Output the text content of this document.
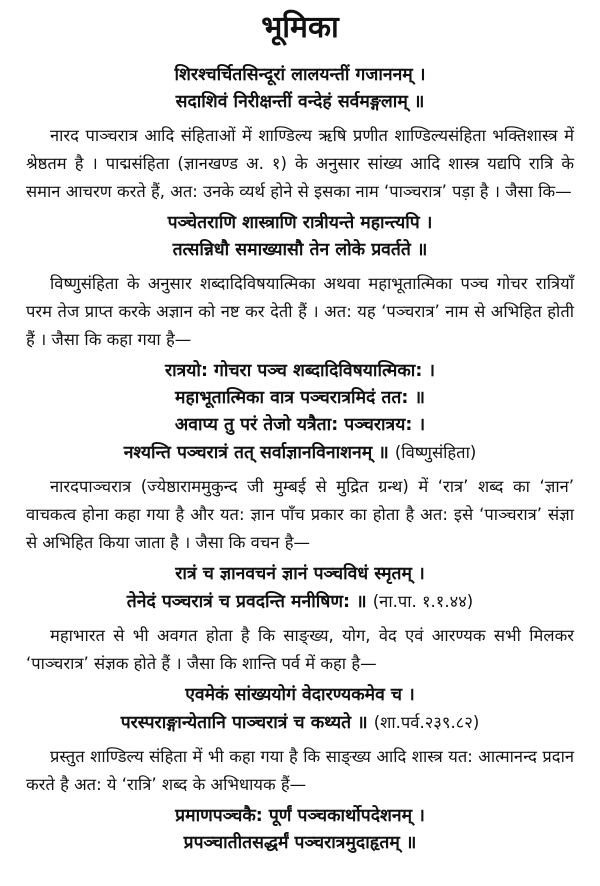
भूमिका
शिरश्चर्चितसिन्दूरां लालयन्तीं गजाननम् ।
सदाशिवं निरीक्षन्तीं वन्देहं सर्वमङ्गलाम् ॥

नारद पाञ्चरात्र आदि संहिताओं में शाण्डिल्य ऋषि प्रणीत शाण्डिल्यसंहिता भक्तिशास्त्र में श्रेष्ठतम है । पाद्मसंहिता (ज्ञानखण्ड अ. १) के अनुसार सांख्य आदि शास्त्र यद्यपि रात्रि के समान आचरण करते हैं, अत: उनके व्यर्थ होने से इसका नाम ‘पाञ्चरात्र’ पड़ा है । जैसा कि—

पञ्चेतराणि शास्त्राणि रात्रीयन्ते महान्त्यपि ।
तत्सन्निधौ समाख्यासौ तेन लोके प्रवर्तते ॥

विष्णुसंहिता के अनुसार शब्दादिविषयात्मिका अथवा महाभूतात्मिका पञ्च गोचर रात्रियाँ परम तेज प्राप्त करके अज्ञान को नष्ट कर देती हैं । अत: यह ‘पञ्चरात्र’ नाम से अभिहित होती हैं । जैसा कि कहा गया है—

रात्रयो: गोचरा पञ्च शब्दादिविषयात्मिका: ।
महाभूतात्मिका वात्र पञ्चरात्रमिदं तत: ॥
अवाप्य तु परं तेजो यत्रैता: पञ्चरात्रय: ।
नश्यन्ति पञ्चरात्रं तत् सर्वाज्ञानविनाशनम् ॥ (विष्णुसंहिता)

नारदपाञ्चरात्र (ज्येष्ठाराममुकुन्द जी मुम्बई से मुद्रित ग्रन्थ) में ‘रात्र’ शब्द का ‘ज्ञान’ वाचकत्व होना कहा गया है और यत: ज्ञान पाँच प्रकार का होता है अत: इसे ‘पाञ्चरात्र’ संज्ञा से अभिहित किया जाता है । जैसा कि वचन है—

रात्रं च ज्ञानवचनं ज्ञानं पञ्चविधं स्मृतम् ।
तेनेदं पञ्चरात्रं च प्रवदन्ति मनीषिण: ॥ (ना.पा. १.१.४४)

महाभारत से भी अवगत होता है कि साङ्ख्य, योग, वेद एवं आरण्यक सभी मिलकर ‘पाञ्चरात्र’ संज्ञक होते हैं । जैसा कि शान्ति पर्व में कहा है—

एवमेकं सांख्ययोगं वेदारण्यकमेव च ।
परस्पराङ्गान्येतानि पाञ्चरात्रं च कथ्यते ॥ (शा.पर्व.२३९.८२)

प्रस्तुत शाण्डिल्य संहिता में भी कहा गया है कि साङ्ख्य आदि शास्त्र यत: आत्मानन्द प्रदान करते है अत: ये ‘रात्रि’ शब्द के अभिधायक हैं—

प्रमाणपञ्चकै: पूर्णं पञ्चकार्थोपदेशनम् ।
प्रपञ्चातीतसद्धर्मं पञ्चरात्रमुदाहृतम् ॥
